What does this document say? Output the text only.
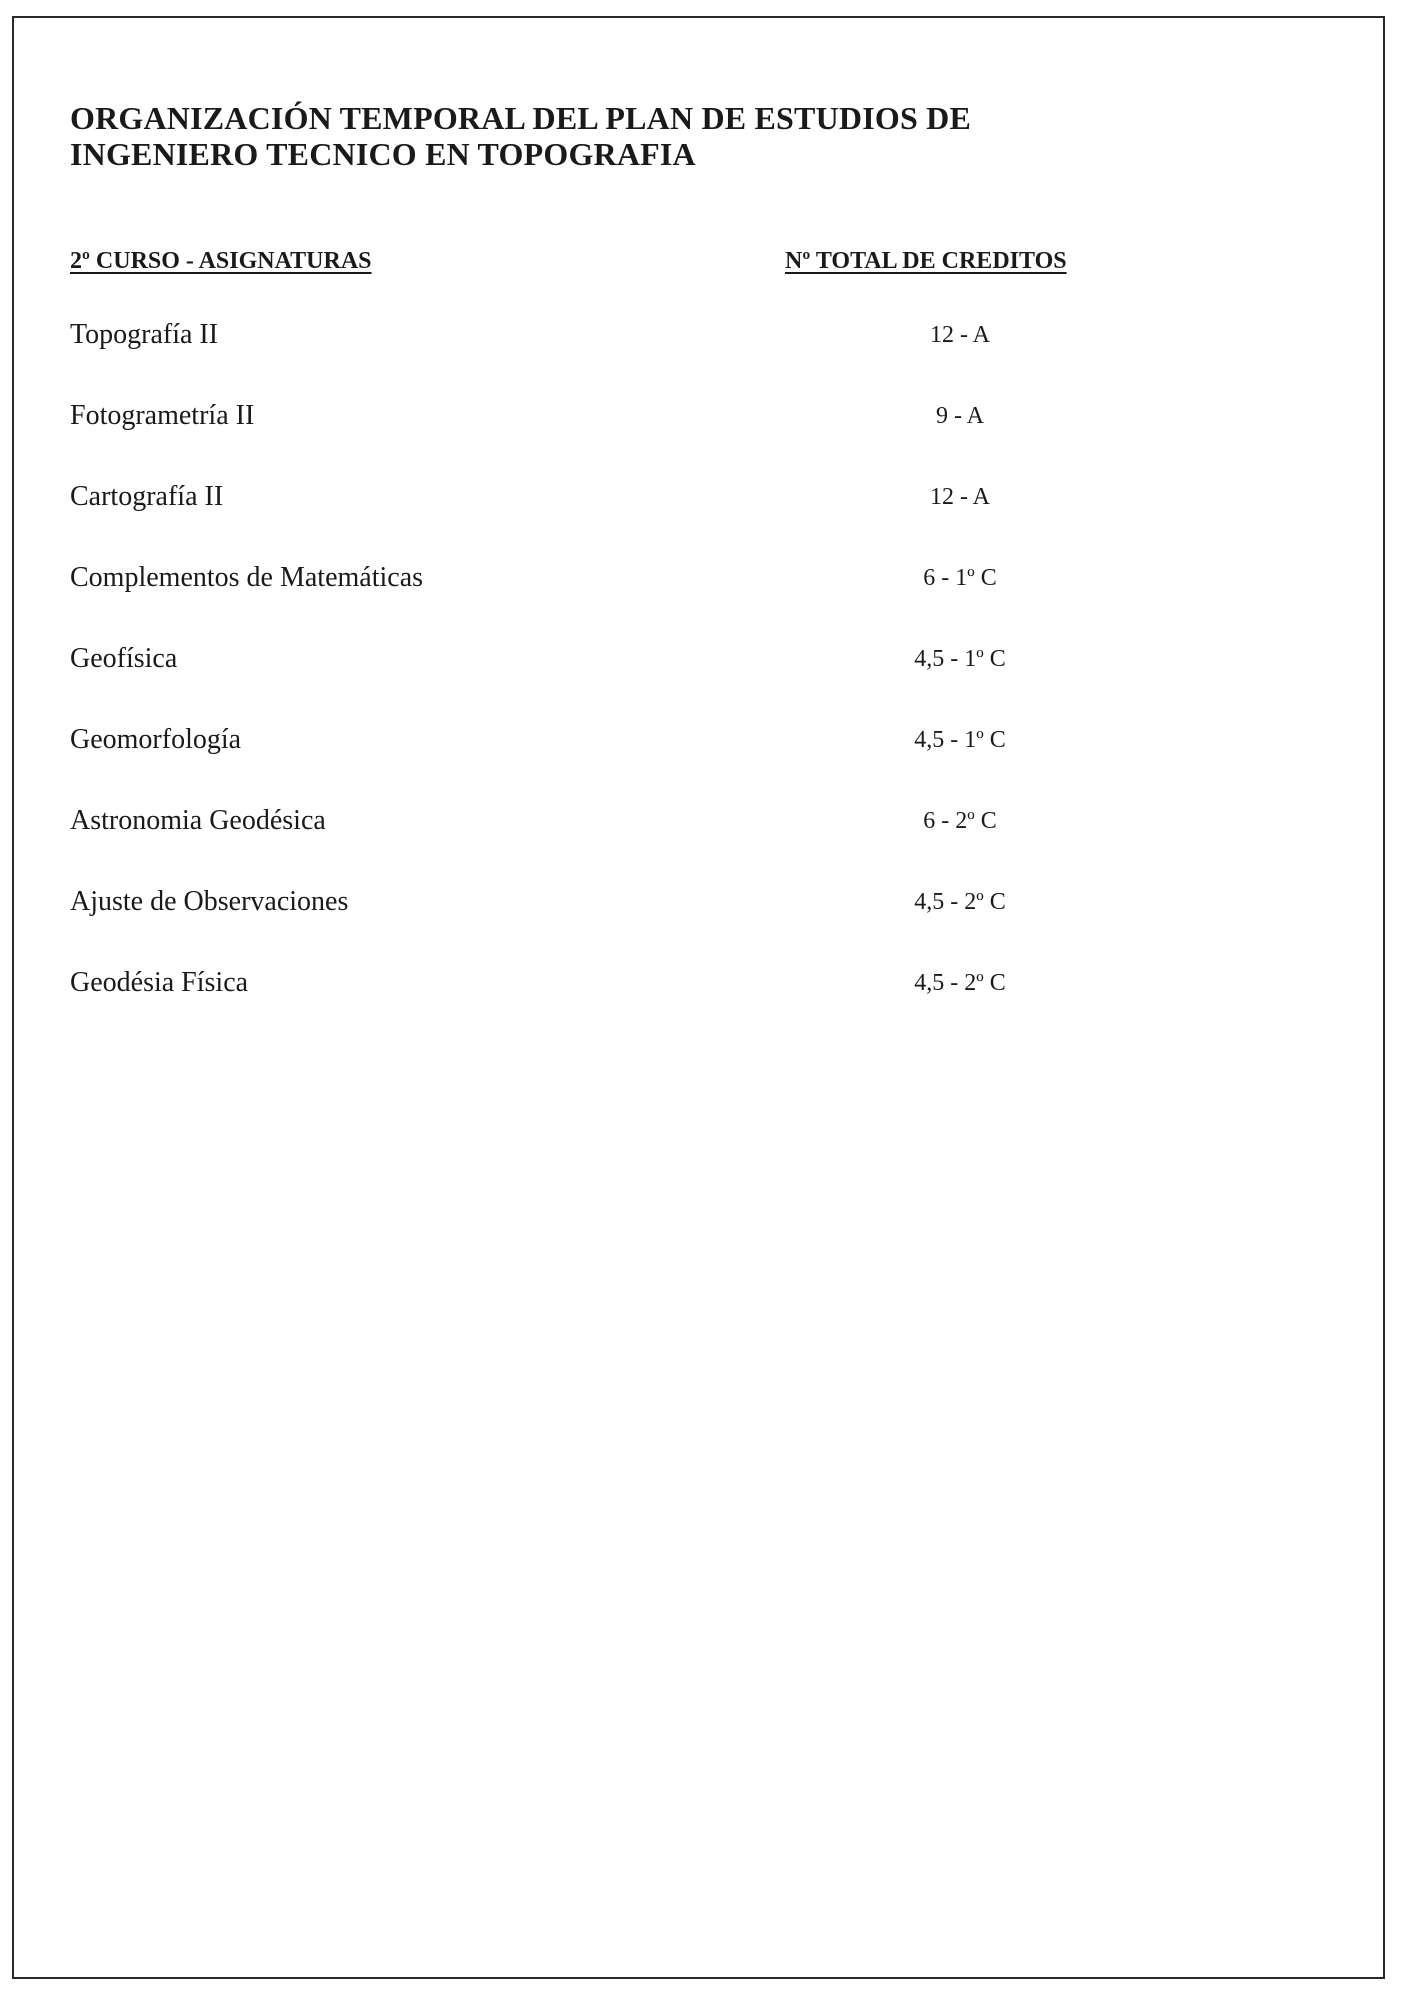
ORGANIZACIÓN TEMPORAL DEL PLAN DE ESTUDIOS DE
INGENIERO TECNICO EN TOPOGRAFIA
2º CURSO - ASIGNATURAS	Nº TOTAL DE CREDITOS
Topografía II	12 - A
Fotogrametría II	9 - A
Cartografía II	12 - A
Complementos de Matemáticas	6 - 1º C
Geofísica	4,5 - 1º C
Geomorfología	4,5 - 1º C
Astronomia Geodésica	6 - 2º C
Ajuste de Observaciones	4,5 - 2º C
Geodésia Física	4,5 - 2º C
